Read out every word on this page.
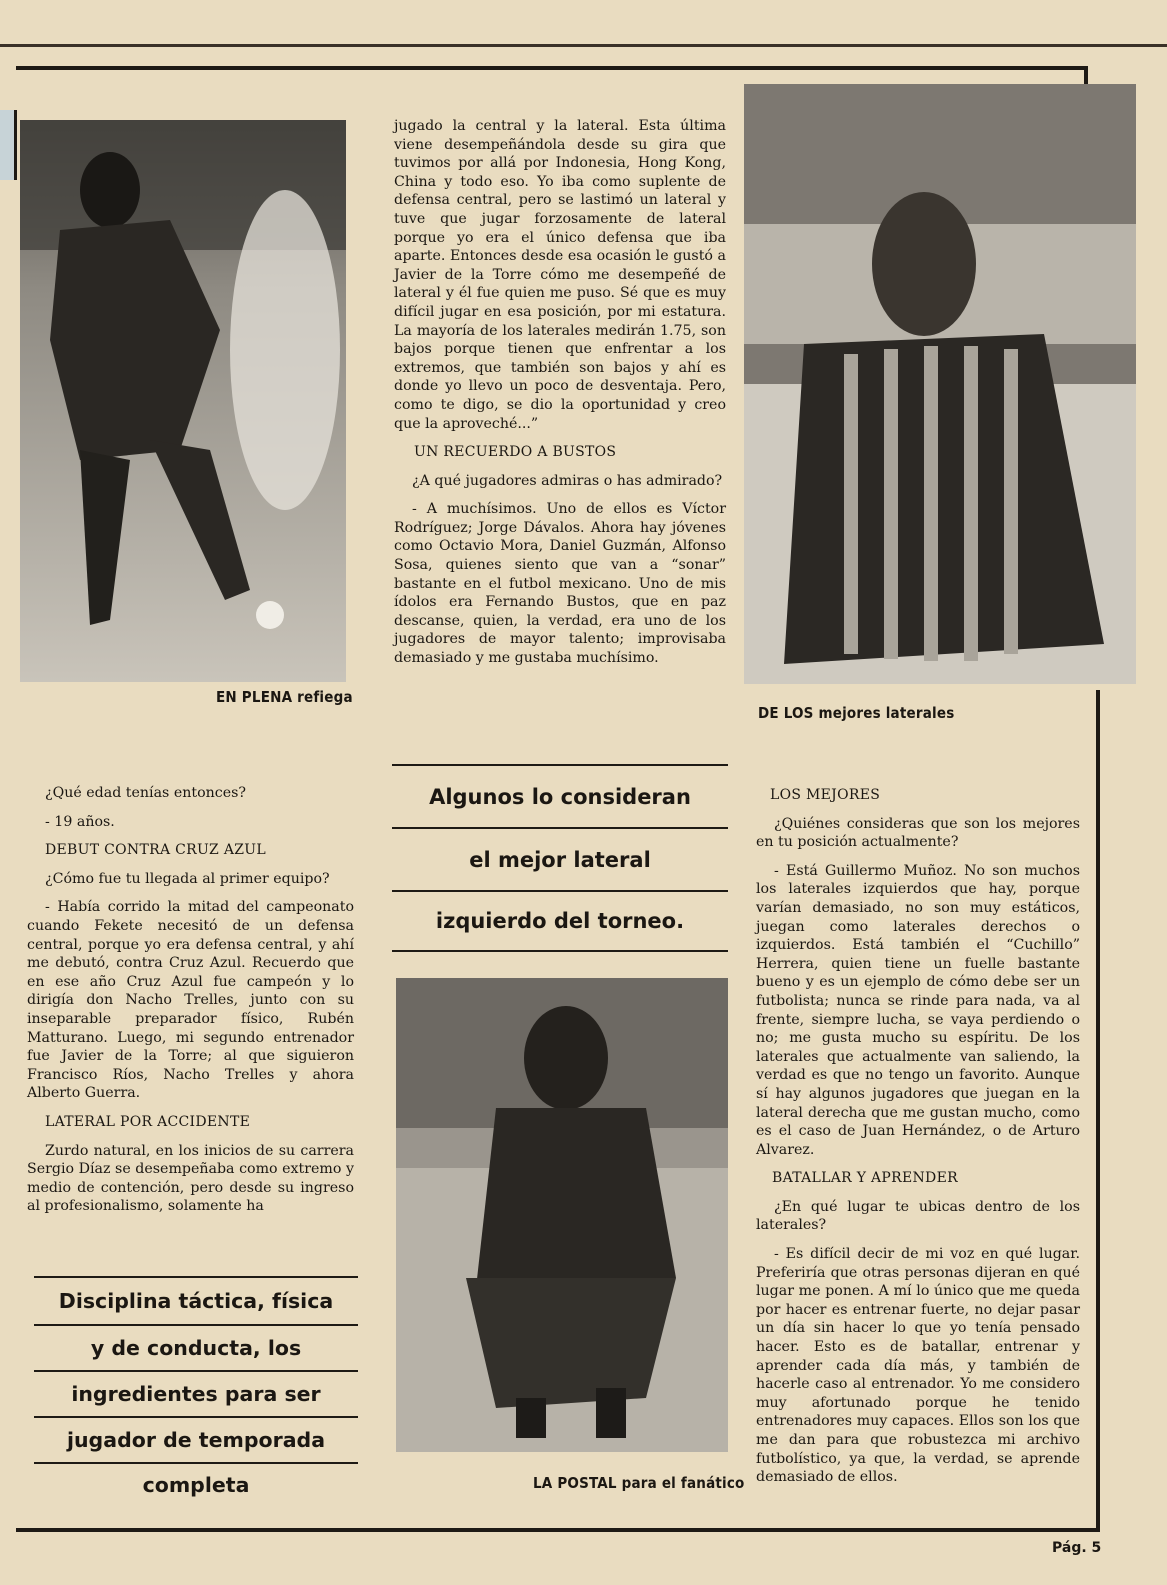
EN PLENA refiega
DE LOS mejores laterales
LA POSTAL para el fanático

jugado la central y la lateral. Esta última viene desempeñándola desde su gira que tuvimos por allá por Indonesia, Hong Kong, China y todo eso. Yo iba como suplente de defensa central, pero se lastimó un lateral y tuve que jugar forzosamente de lateral porque yo era el único defensa que iba aparte. Entonces desde esa ocasión le gustó a Javier de la Torre cómo me desempeñé de lateral y él fue quien me puso. Sé que es muy difícil jugar en esa posición, por mi estatura. La mayoría de los laterales medirán 1.75, son bajos porque tienen que enfrentar a los extremos, que también son bajos y ahí es donde yo llevo un poco de desventaja. Pero, como te digo, se dio la oportunidad y creo que la aproveché...”

UN RECUERDO A BUSTOS

¿A qué jugadores admiras o has admirado?

- A muchísimos. Uno de ellos es Víctor Rodríguez; Jorge Dávalos. Ahora hay jóvenes como Octavio Mora, Daniel Guzmán, Alfonso Sosa, quienes siento que van a “sonar” bastante en el futbol mexicano. Uno de mis ídolos era Fernando Bustos, que en paz descanse, quien, la verdad, era uno de los jugadores de mayor talento; improvisaba demasiado y me gustaba muchísimo.

¿Qué edad tenías entonces?

- 19 años.

DEBUT CONTRA CRUZ AZUL

¿Cómo fue tu llegada al primer equipo?

- Había corrido la mitad del campeonato cuando Fekete necesitó de un defensa central, porque yo era defensa central, y ahí me debutó, contra Cruz Azul. Recuerdo que en ese año Cruz Azul fue campeón y lo dirigía don Nacho Trelles, junto con su inseparable preparador físico, Rubén Matturano. Luego, mi segundo entrenador fue Javier de la Torre; al que siguieron Francisco Ríos, Nacho Trelles y ahora Alberto Guerra.

LATERAL POR ACCIDENTE

Zurdo natural, en los inicios de su carrera Sergio Díaz se desempeñaba como extremo y medio de contención, pero desde su ingreso al profesionalismo, solamente ha

Algunos lo consideran
el mejor lateral
izquierdo del torneo.
Disciplina táctica, física
y de conducta, los
ingredientes para ser
jugador de temporada
completa

LOS MEJORES

¿Quiénes consideras que son los mejores en tu posición actualmente?

- Está Guillermo Muñoz. No son muchos los laterales izquierdos que hay, porque varían demasiado, no son muy estáticos, juegan como laterales derechos o izquierdos. Está también el “Cuchillo” Herrera, quien tiene un fuelle bastante bueno y es un ejemplo de cómo debe ser un futbolista; nunca se rinde para nada, va al frente, siempre lucha, se vaya perdiendo o no; me gusta mucho su espíritu. De los laterales que actualmente van saliendo, la verdad es que no tengo un favorito. Aunque sí hay algunos jugadores que juegan en la lateral derecha que me gustan mucho, como es el caso de Juan Hernández, o de Arturo Alvarez.

BATALLAR Y APRENDER

¿En qué lugar te ubicas dentro de los laterales?

- Es difícil decir de mi voz en qué lugar. Preferiría que otras personas dijeran en qué lugar me ponen. A mí lo único que me queda por hacer es entrenar fuerte, no dejar pasar un día sin hacer lo que yo tenía pensado hacer. Esto es de batallar, entrenar y aprender cada día más, y también de hacerle caso al entrenador. Yo me considero muy afortunado porque he tenido entrenadores muy capaces. Ellos son los que me dan para que robustezca mi archivo futbolístico, ya que, la verdad, se aprende demasiado de ellos.

Pág. 5
